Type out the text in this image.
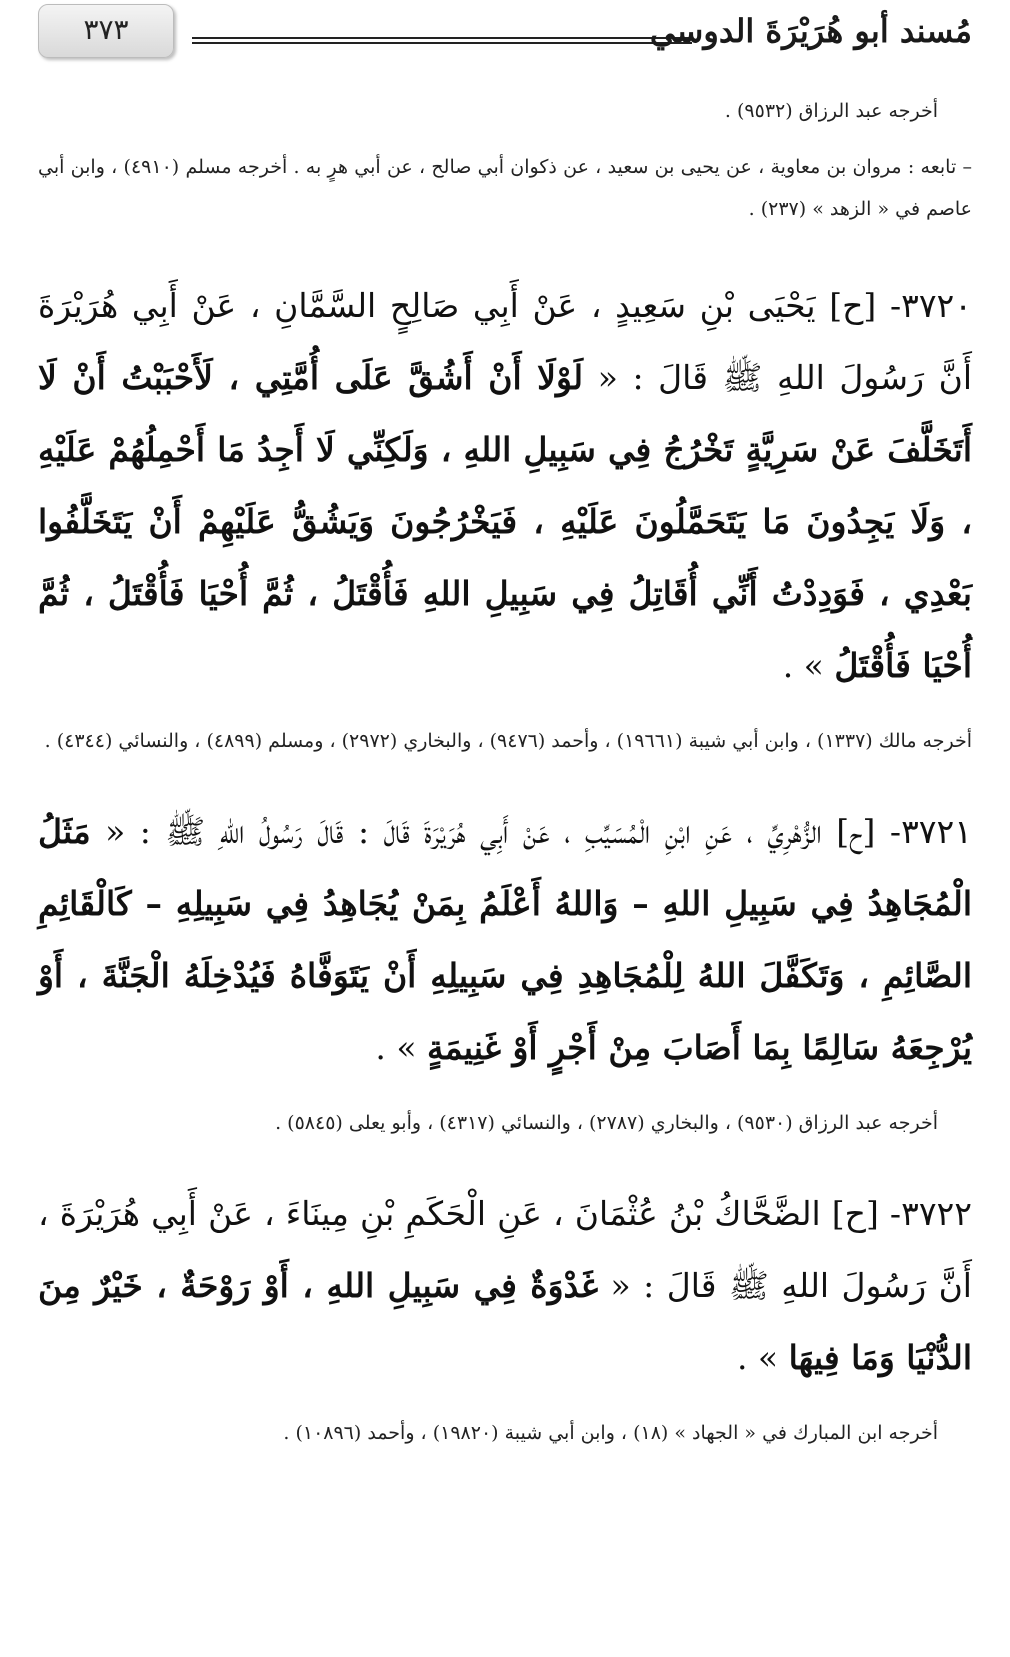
٣٧٣	مُسند أبو هُرَيْرَةَ الدوسي

أخرجه عبد الرزاق (٩٥٣٢) .

– تابعه : مروان بن معاوية ، عن يحيى بن سعيد ، عن ذكوان أبي صالح ، عن أبي هرٍ به . أخرجه مسلم (٤٩١٠) ، وابن أبي عاصم في « الزهد » (٢٣٧) .

٣٧٢٠- [ح] يَحْيَى بْنِ سَعِيدٍ ، عَنْ أَبِي صَالِحٍ السَّمَّانِ ، عَنْ أَبِي هُرَيْرَةَ أَنَّ رَسُولَ اللهِ ﷺ قَالَ : « لَوْلَا أَنْ أَشُقَّ عَلَى أُمَّتِي ، لَأَحْبَبْتُ أَنْ لَا أَتَخَلَّفَ عَنْ سَرِيَّةٍ تَخْرُجُ فِي سَبِيلِ اللهِ ، وَلَكِنِّي لَا أَجِدُ مَا أَحْمِلُهُمْ عَلَيْهِ ، وَلَا يَجِدُونَ مَا يَتَحَمَّلُونَ عَلَيْهِ ، فَيَخْرُجُونَ وَيَشُقُّ عَلَيْهِمْ أَنْ يَتَخَلَّفُوا بَعْدِي ، فَوَدِدْتُ أَنِّي أُقَاتِلُ فِي سَبِيلِ اللهِ فَأُقْتَلُ ، ثُمَّ أُحْيَا فَأُقْتَلُ ، ثُمَّ أُحْيَا فَأُقْتَلُ » .

أخرجه مالك (١٣٣٧) ، وابن أبي شيبة (١٩٦٦١) ، وأحمد (٩٤٧٦) ، والبخاري (٢٩٧٢) ، ومسلم (٤٨٩٩) ، والنسائي (٤٣٤٤) .

٣٧٢١- [ح] الزُّهْرِيِّ ، عَنِ ابْنِ الْمُسَيِّبِ ، عَنْ أَبِي هُرَيْرَةَ قَالَ : قَالَ رَسُولُ اللهِ ﷺ : « مَثَلُ الْمُجَاهِدُ فِي سَبِيلِ اللهِ – وَاللهُ أَعْلَمُ بِمَنْ يُجَاهِدُ فِي سَبِيلِهِ – كَالْقَائِمِ الصَّائِمِ ، وَتَكَفَّلَ اللهُ لِلْمُجَاهِدِ فِي سَبِيلِهِ أَنْ يَتَوَفَّاهُ فَيُدْخِلَهُ الْجَنَّةَ ، أَوْ يُرْجِعَهُ سَالِمًا بِمَا أَصَابَ مِنْ أَجْرٍ أَوْ غَنِيمَةٍ » .

أخرجه عبد الرزاق (٩٥٣٠) ، والبخاري (٢٧٨٧) ، والنسائي (٤٣١٧) ، وأبو يعلى (٥٨٤٥) .

٣٧٢٢- [ح] الضَّحَّاكُ بْنُ عُثْمَانَ ، عَنِ الْحَكَمِ بْنِ مِينَاءَ ، عَنْ أَبِي هُرَيْرَةَ ، أَنَّ رَسُولَ اللهِ ﷺ قَالَ : « غَدْوَةٌ فِي سَبِيلِ اللهِ ، أَوْ رَوْحَةٌ ، خَيْرٌ مِنَ الدُّنْيَا وَمَا فِيهَا » .

أخرجه ابن المبارك في « الجهاد » (١٨) ، وابن أبي شيبة (١٩٨٢٠) ، وأحمد (١٠٨٩٦) .
